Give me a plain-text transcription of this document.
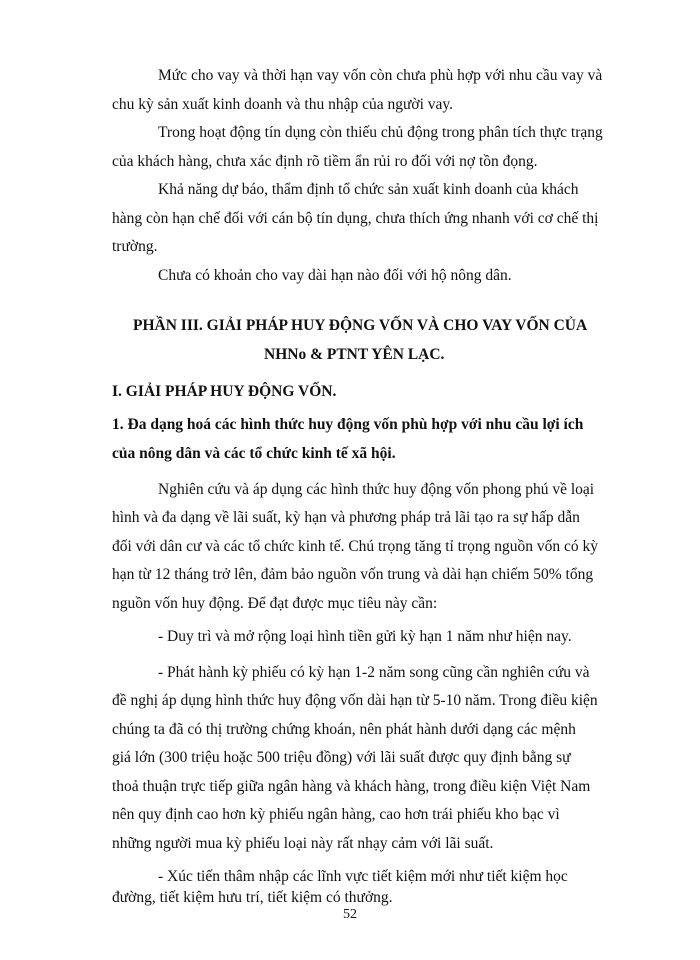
Mức cho vay và thời hạn vay vốn còn chưa phù hợp với nhu cầu vay và
chu kỳ sản xuất kinh doanh và thu nhập của người vay.
Trong hoạt động tín dụng còn thiếu chủ động trong phân tích thực trạng
của khách hàng, chưa xác định rõ tiềm ẩn rủi ro đối với nợ tồn đọng.
Khả năng dự báo, thẩm định tổ chức sản xuất kinh doanh của khách
hàng còn hạn chế đối với cán bộ tín dụng, chưa thích ứng nhanh với cơ chế thị
trường.
Chưa có khoản cho vay dài hạn nào đối với hộ nông dân.
PHẦN III. GIẢI PHÁP HUY ĐỘNG VỐN VÀ CHO VAY VỐN CỦA
NHNo & PTNT YÊN LẠC.
I. GIẢI PHÁP HUY ĐỘNG VỐN.
1. Đa dạng hoá các hình thức huy động vốn phù hợp với nhu cầu lợi ích
của nông dân và các tổ chức kinh tế xã hội.
Nghiên cứu và áp dụng các hình thức huy động vốn phong phú về loại
hình và đa dạng về lãi suất, kỳ hạn và phương pháp trả lãi tạo ra sự hấp dẫn
đối với dân cư và các tổ chức kinh tế. Chú trọng tăng tỉ trọng nguồn vốn có kỳ
hạn từ 12 tháng trở lên, đảm bảo nguồn vốn trung và dài hạn chiếm 50% tổng
nguồn vốn huy động. Để đạt được mục tiêu này cần:
- Duy trì và mở rộng loại hình tiền gửi kỳ hạn 1 năm như hiện nay.
- Phát hành kỳ phiếu có kỳ hạn 1-2 năm song cũng cần nghiên cứu và
đề nghị áp dụng hình thức huy động vốn dài hạn từ 5-10 năm. Trong điều kiện
chúng ta đã có thị trường chứng khoán, nên phát hành dưới dạng các mệnh
giá lớn (300 triệu hoặc 500 triệu đồng) với lãi suất được quy định bằng sự
thoả thuận trực tiếp giữa ngân hàng và khách hàng, trong điều kiện Việt Nam
nên quy định cao hơn kỳ phiếu ngân hàng, cao hơn trái phiếu kho bạc vì
những người mua kỳ phiếu loại này rất nhạy cảm với lãi suất.
- Xúc tiến thâm nhập các lĩnh vực tiết kiệm mới như tiết kiệm học
đường, tiết kiệm hưu trí, tiết kiệm có thưởng.
52
